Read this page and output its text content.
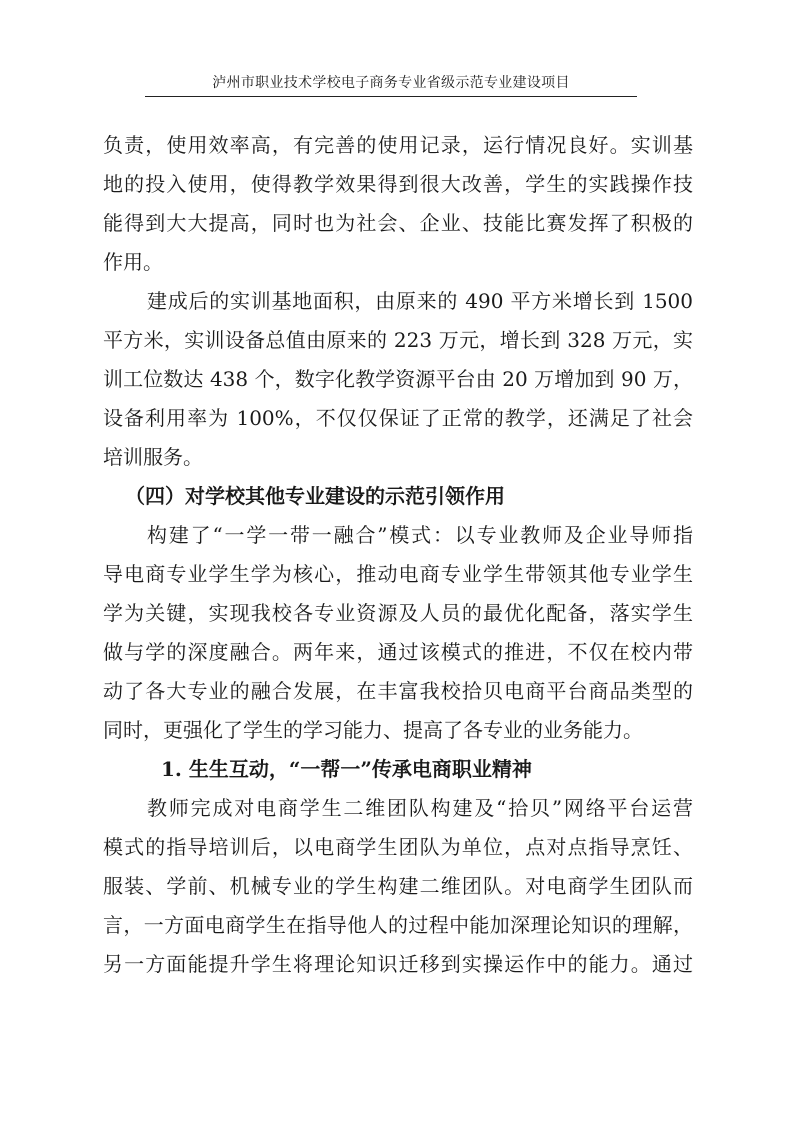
泸州市职业技术学校电子商务专业省级示范专业建设项目
负责，使用效率高，有完善的使用记录，运行情况良好。实训基
地的投入使用，使得教学效果得到很大改善，学生的实践操作技
能得到大大提高，同时也为社会、企业、技能比赛发挥了积极的
作用。
建成后的实训基地面积，由原来的 490 平方米增长到 1500
平方米，实训设备总值由原来的 223 万元，增长到 328 万元，实
训工位数达 438 个，数字化教学资源平台由 20 万增加到 90 万，
设备利用率为 100%，不仅仅保证了正常的教学，还满足了社会
培训服务。
（四）对学校其他专业建设的示范引领作用
构建了“一学一带一融合”模式：以专业教师及企业导师指
导电商专业学生学为核心，推动电商专业学生带领其他专业学生
学为关键，实现我校各专业资源及人员的最优化配备，落实学生
做与学的深度融合。两年来，通过该模式的推进，不仅在校内带
动了各大专业的融合发展，在丰富我校拾贝电商平台商品类型的
同时，更强化了学生的学习能力、提高了各专业的业务能力。
1. 生生互动，“一帮一”传承电商职业精神
教师完成对电商学生二维团队构建及“拾贝”网络平台运营
模式的指导培训后，以电商学生团队为单位，点对点指导烹饪、
服装、学前、机械专业的学生构建二维团队。对电商学生团队而
言，一方面电商学生在指导他人的过程中能加深理论知识的理解，
另一方面能提升学生将理论知识迁移到实操运作中的能力。通过
